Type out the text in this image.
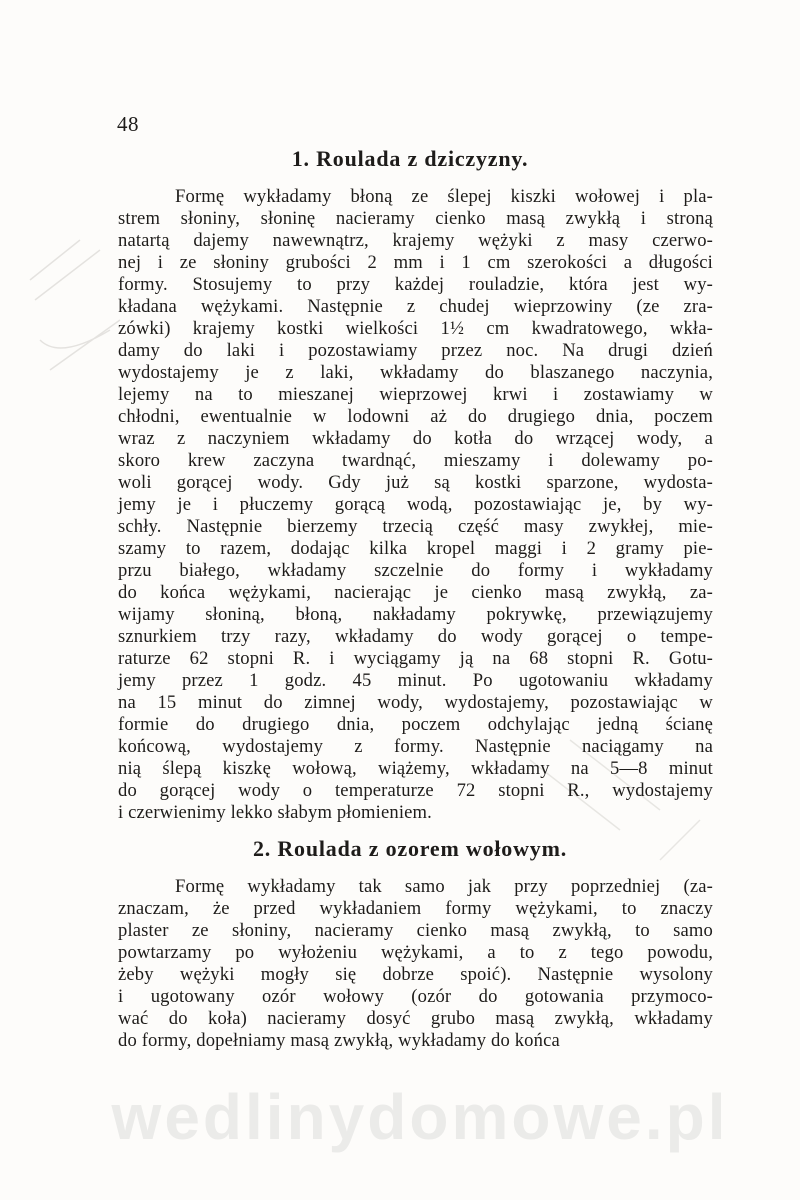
48
1. Roulada z dziczyzny.
Formę wykładamy błoną ze ślepej kiszki wołowej i pla-
strem słoniny, słoninę nacieramy cienko masą zwykłą i stroną
natartą dajemy nawewnątrz, krajemy wężyki z masy czerwo-
nej i ze słoniny grubości 2 mm i 1 cm szerokości a długości
formy. Stosujemy to przy każdej rouladzie, która jest wy-
kładana wężykami. Następnie z chudej wieprzowiny (ze zra-
zówki) krajemy kostki wielkości 1½ cm kwadratowego, wkła-
damy do laki i pozostawiamy przez noc. Na drugi dzień
wydostajemy je z laki, wkładamy do blaszanego naczynia,
lejemy na to mieszanej wieprzowej krwi i zostawiamy w
chłodni, ewentualnie w lodowni aż do drugiego dnia, poczem
wraz z naczyniem wkładamy do kotła do wrzącej wody, a
skoro krew zaczyna twardnąć, mieszamy i dolewamy po-
woli gorącej wody. Gdy już są kostki sparzone, wydosta-
jemy je i płuczemy gorącą wodą, pozostawiając je, by wy-
schły. Następnie bierzemy trzecią część masy zwykłej, mie-
szamy to razem, dodając kilka kropel maggi i 2 gramy pie-
przu białego, wkładamy szczelnie do formy i wykładamy
do końca wężykami, nacierając je cienko masą zwykłą, za-
wijamy słoniną, błoną, nakładamy pokrywkę, przewiązujemy
sznurkiem trzy razy, wkładamy do wody gorącej o tempe-
raturze 62 stopni R. i wyciągamy ją na 68 stopni R. Gotu-
jemy przez 1 godz. 45 minut. Po ugotowaniu wkładamy
na 15 minut do zimnej wody, wydostajemy, pozostawiając w
formie do drugiego dnia, poczem odchylając jedną ścianę
końcową, wydostajemy z formy. Następnie naciągamy na
nią ślepą kiszkę wołową, wiążemy, wkładamy na 5—8 minut
do gorącej wody o temperaturze 72 stopni R., wydostajemy
i czerwienimy lekko słabym płomieniem.
2. Roulada z ozorem wołowym.
Formę wykładamy tak samo jak przy poprzedniej (za-
znaczam, że przed wykładaniem formy wężykami, to znaczy
plaster ze słoniny, nacieramy cienko masą zwykłą, to samo
powtarzamy po wyłożeniu wężykami, a to z tego powodu,
żeby wężyki mogły się dobrze spoić). Następnie wysolony
i ugotowany ozór wołowy (ozór do gotowania przymoco-
wać do koła) nacieramy dosyć grubo masą zwykłą, wkładamy
do formy, dopełniamy masą zwykłą, wykładamy do końca
wedlinydomowe.pl
